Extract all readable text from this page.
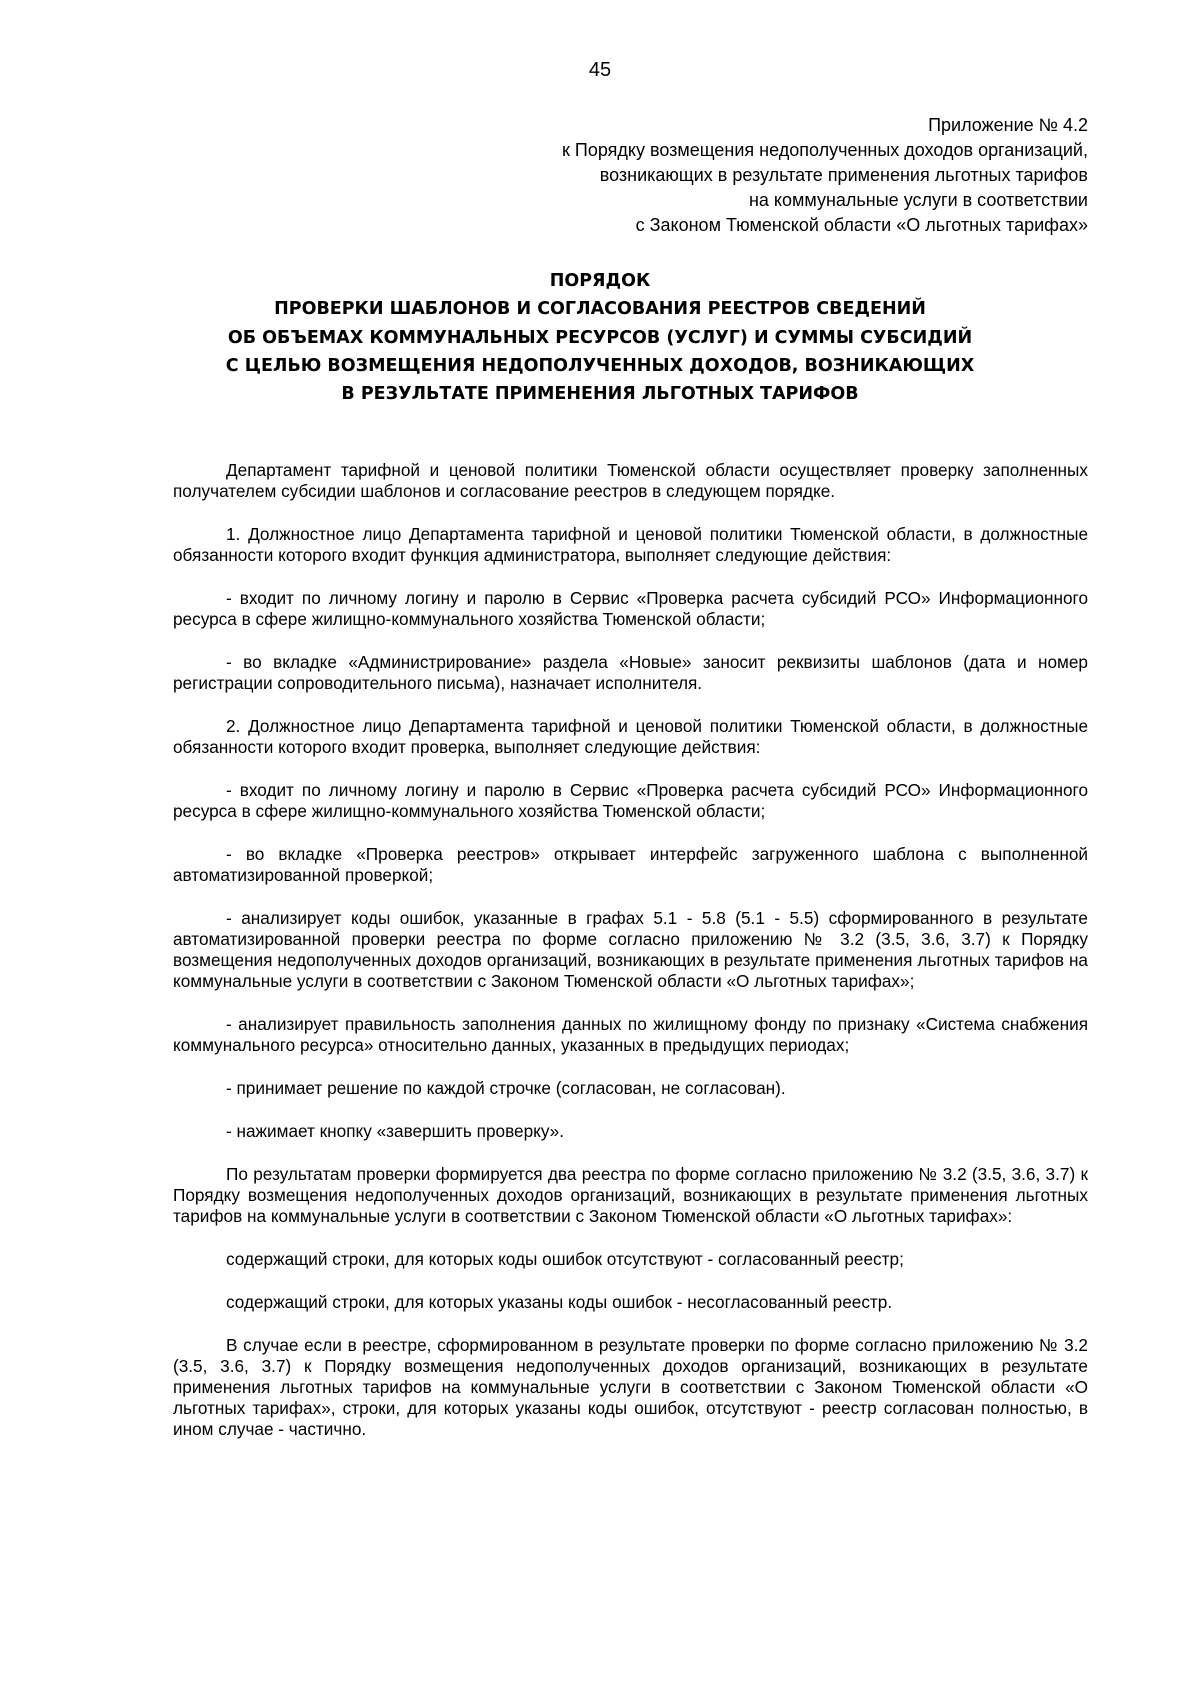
45
Приложение № 4.2
к Порядку возмещения недополученных доходов организаций,
возникающих в результате применения льготных тарифов
на коммунальные услуги в соответствии
с Законом Тюменской области «О льготных тарифах»
ПОРЯДОК
ПРОВЕРКИ ШАБЛОНОВ И СОГЛАСОВАНИЯ РЕЕСТРОВ СВЕДЕНИЙ
ОБ ОБЪЕМАХ КОММУНАЛЬНЫХ РЕСУРСОВ (УСЛУГ) И СУММЫ СУБСИДИЙ
С ЦЕЛЬЮ ВОЗМЕЩЕНИЯ НЕДОПОЛУЧЕННЫХ ДОХОДОВ, ВОЗНИКАЮЩИХ
В РЕЗУЛЬТАТЕ ПРИМЕНЕНИЯ ЛЬГОТНЫХ ТАРИФОВ

Департамент тарифной и ценовой политики Тюменской области осуществляет проверку заполненных получателем субсидии шаблонов и согласование реестров в следующем порядке.

1. Должностное лицо Департамента тарифной и ценовой политики Тюменской области, в должностные обязанности которого входит функция администратора, выполняет следующие действия:

- входит по личному логину и паролю в Сервис «Проверка расчета субсидий РСО» Информационного ресурса в сфере жилищно-коммунального хозяйства Тюменской области;

- во вкладке «Администрирование» раздела «Новые» заносит реквизиты шаблонов (дата и номер регистрации сопроводительного письма), назначает исполнителя.

2. Должностное лицо Департамента тарифной и ценовой политики Тюменской области, в должностные обязанности которого входит проверка, выполняет следующие действия:

- входит по личному логину и паролю в Сервис «Проверка расчета субсидий РСО» Информационного ресурса в сфере жилищно-коммунального хозяйства Тюменской области;

- во вкладке «Проверка реестров» открывает интерфейс загруженного шаблона с выполненной автоматизированной проверкой;

- анализирует коды ошибок, указанные в графах 5.1 - 5.8 (5.1 - 5.5) сформированного в результате автоматизированной проверки реестра по форме согласно приложению № 3.2 (3.5, 3.6, 3.7) к Порядку возмещения недополученных доходов организаций, возникающих в результате применения льготных тарифов на коммунальные услуги в соответствии с Законом Тюменской области «О льготных тарифах»;

- анализирует правильность заполнения данных по жилищному фонду по признаку «Система снабжения коммунального ресурса» относительно данных, указанных в предыдущих периодах;

- принимает решение по каждой строчке (согласован, не согласован).

- нажимает кнопку «завершить проверку».

По результатам проверки формируется два реестра по форме согласно приложению № 3.2 (3.5, 3.6, 3.7) к Порядку возмещения недополученных доходов организаций, возникающих в результате применения льготных тарифов на коммунальные услуги в соответствии с Законом Тюменской области «О льготных тарифах»:

содержащий строки, для которых коды ошибок отсутствуют - согласованный реестр;

содержащий строки, для которых указаны коды ошибок - несогласованный реестр.

В случае если в реестре, сформированном в результате проверки по форме согласно приложению № 3.2 (3.5, 3.6, 3.7) к Порядку возмещения недополученных доходов организаций, возникающих в результате применения льготных тарифов на коммунальные услуги в соответствии с Законом Тюменской области «О льготных тарифах», строки, для которых указаны коды ошибок, отсутствуют - реестр согласован полностью, в ином случае - частично.
